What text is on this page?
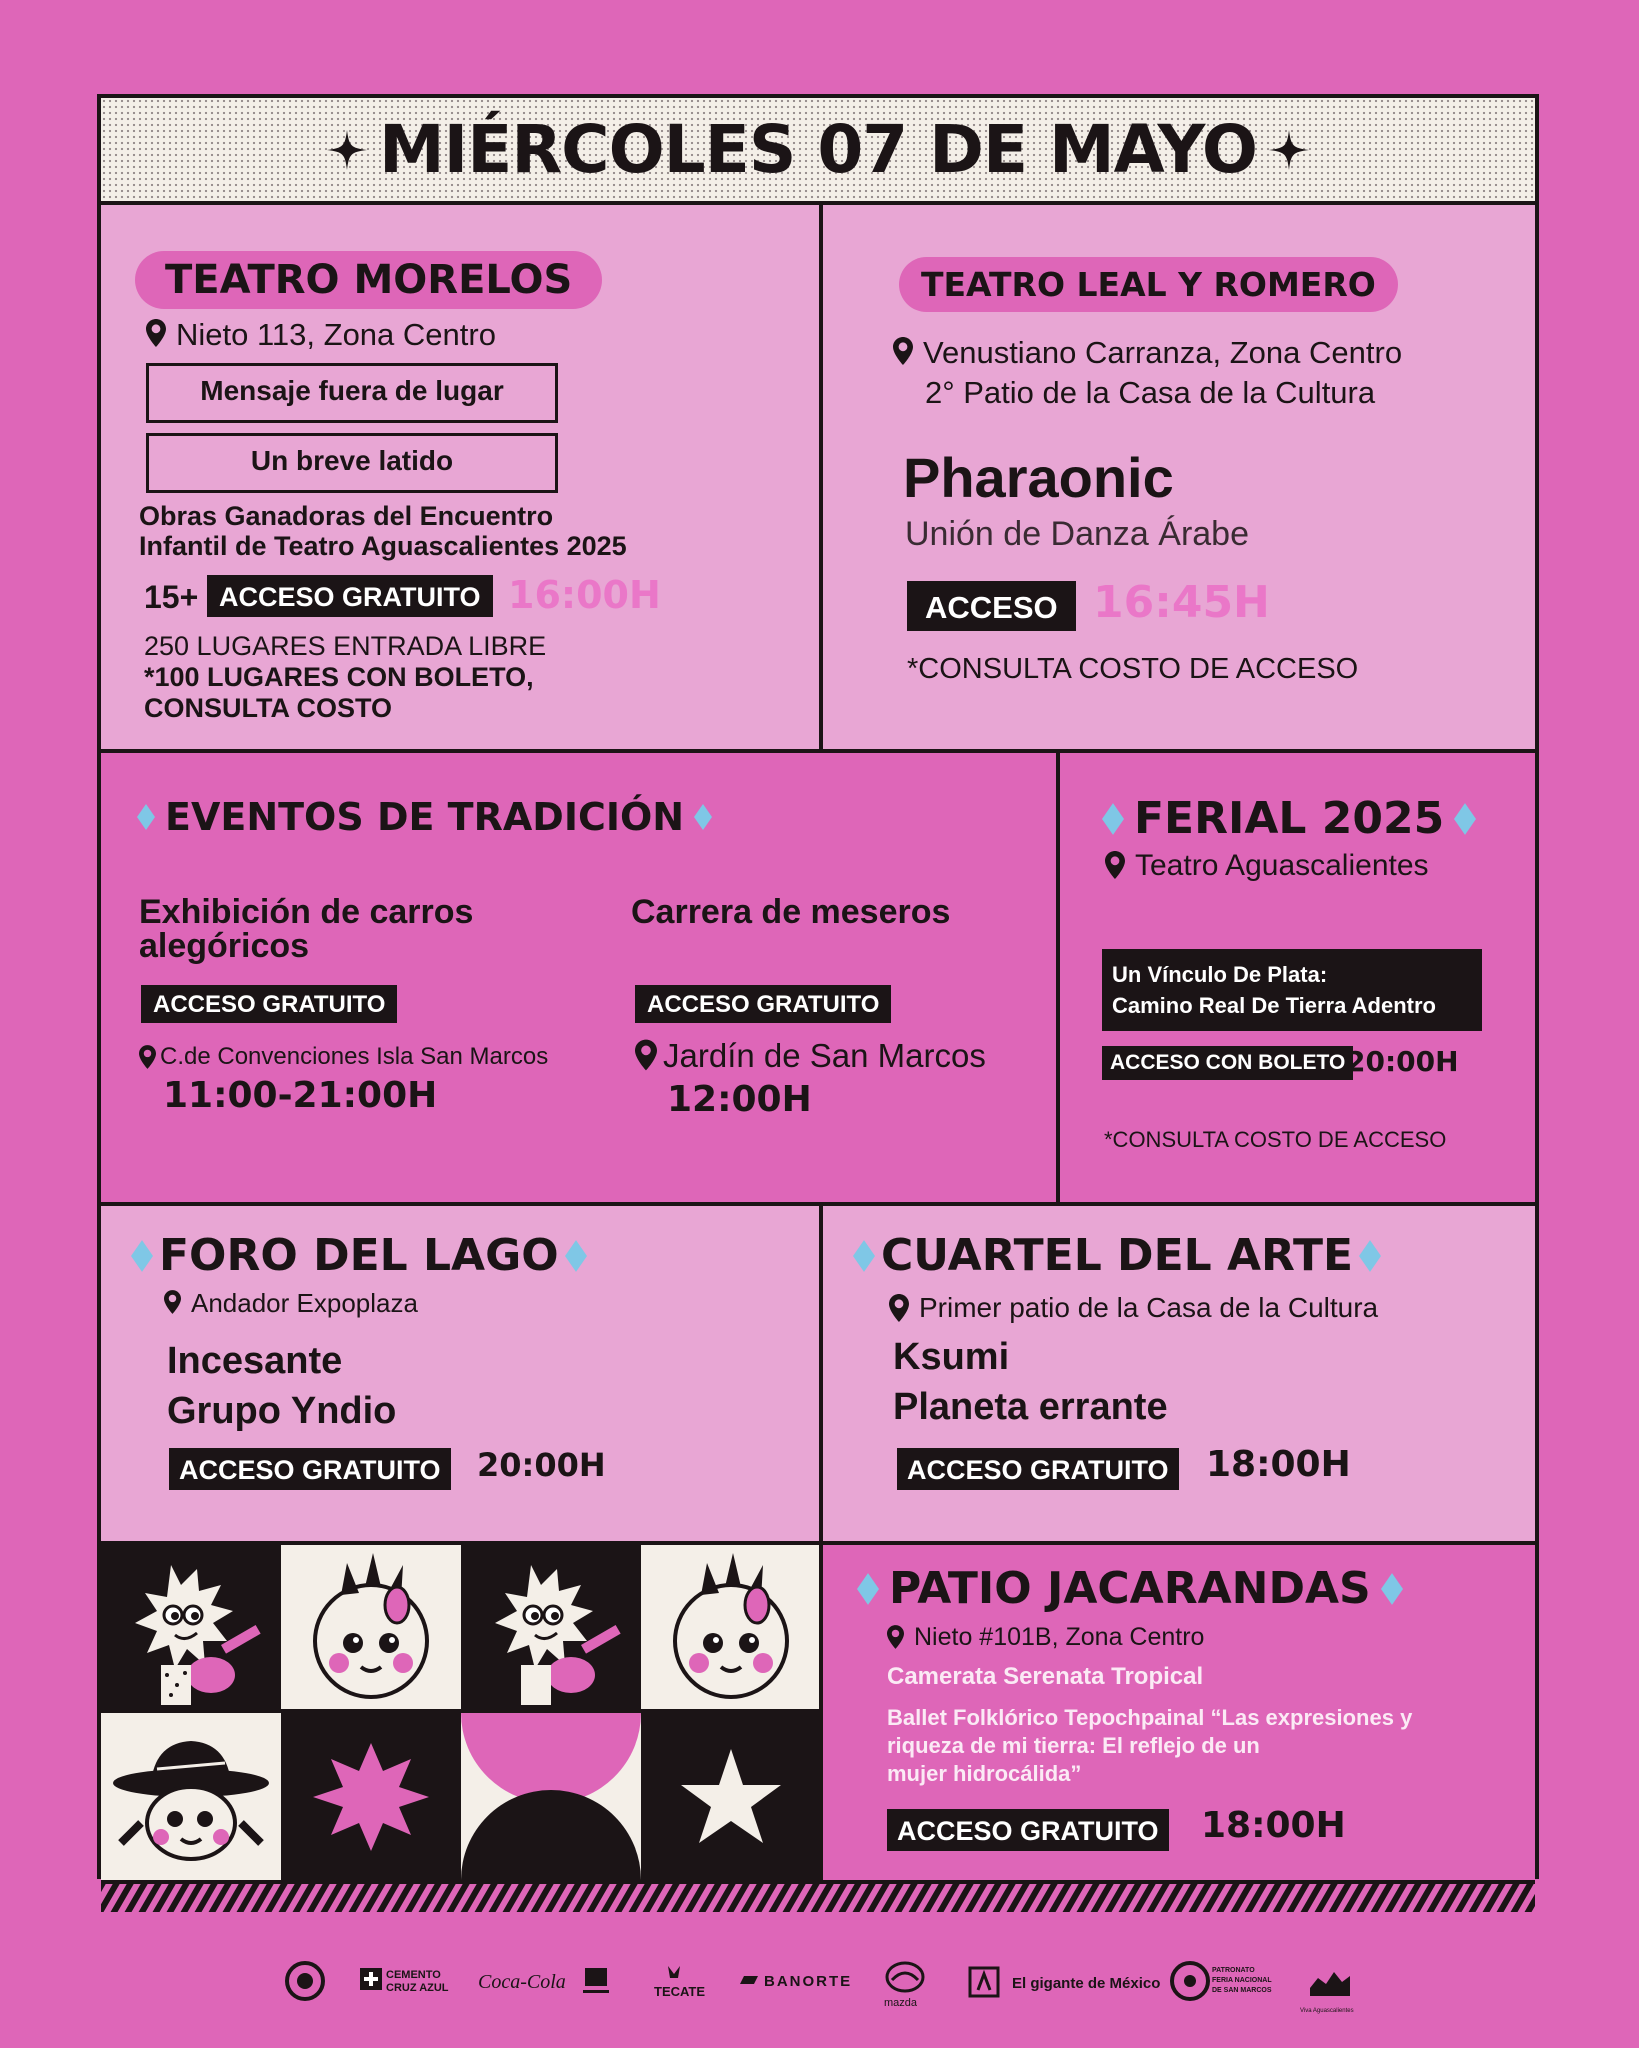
MIÉRCOLES 07 DE MAYO
TEATRO MORELOS
Nieto 113, Zona Centro
Mensaje fuera de lugar
Un breve latido
Obras Ganadoras del Encuentro
Infantil de Teatro Aguascalientes 2025
15+ ACCESO GRATUITO 16:00H
250 LUGARES ENTRADA LIBRE
*100 LUGARES CON BOLETO,
CONSULTA COSTO
TEATRO LEAL Y ROMERO
Venustiano Carranza, Zona Centro
2° Patio de la Casa de la Cultura
Pharaonic
Unión de Danza Árabe
ACCESO 16:45H
*CONSULTA COSTO DE ACCESO
EVENTOS DE TRADICIÓN
Exhibición de carros
alegóricos
ACCESO GRATUITO
C.de Convenciones Isla San Marcos
11:00-21:00H
Carrera de meseros
ACCESO GRATUITO
Jardín de San Marcos
12:00H
FERIAL 2025
Teatro Aguascalientes
Un Vínculo De Plata:
Camino Real De Tierra Adentro
ACCESO CON BOLETO 20:00H
*CONSULTA COSTO DE ACCESO
FORO DEL LAGO
Andador Expoplaza
Incesante
Grupo Yndio
ACCESO GRATUITO	20:00H
CUARTEL DEL ARTE
Primer patio de la Casa de la Cultura
Ksumi
Planeta errante
ACCESO GRATUITO 18:00H
PATIO JACARANDAS
Nieto #101B, Zona Centro
Camerata Serenata Tropical
Ballet Folklórico Tepochpainal “Las expresiones y
riqueza de mi tierra: El reflejo de un
mujer hidrocálida”
ACCESO GRATUITO 18:00H
CEMENTO
CRUZ AZUL Coca-Cola	TECATE
BANORTE
mazda
El gigante de México
PATRONATO
FERIA NACIONAL
DE SAN MARCOS
Viva Aguascalientes
